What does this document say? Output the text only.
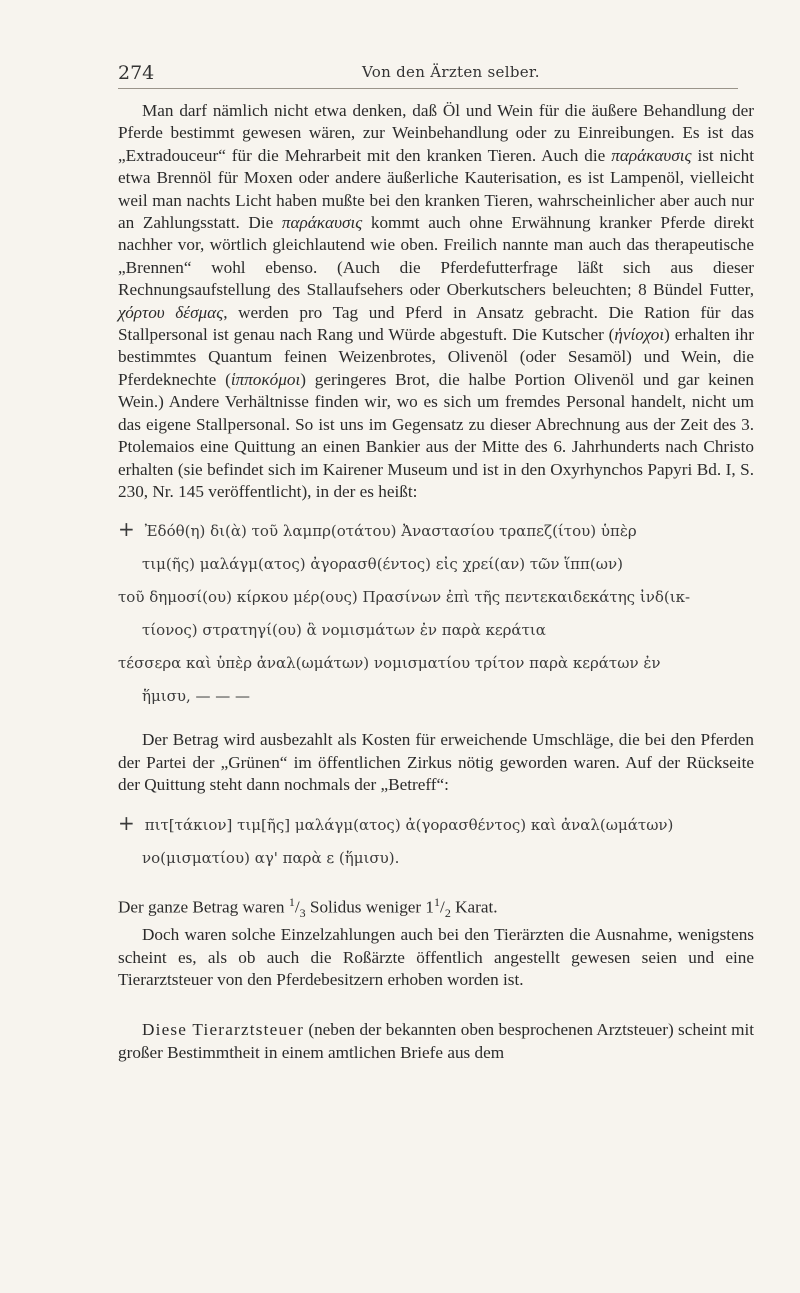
274	Von den Ärzten selber.

Man darf nämlich nicht etwa denken, daß Öl und Wein für die äußere Behandlung der Pferde bestimmt gewesen wären, zur Weinbehandlung oder zu Einreibungen. Es ist das „Extradouceur“ für die Mehrarbeit mit den kranken Tieren. Auch die παράκαυσις ist nicht etwa Brennöl für Moxen oder andere äußerliche Kauterisation, es ist Lampenöl, vielleicht weil man nachts Licht haben mußte bei den kranken Tieren, wahrscheinlicher aber auch nur an Zahlungsstatt. Die παράκαυσις kommt auch ohne Erwähnung kranker Pferde direkt nachher vor, wörtlich gleichlautend wie oben. Freilich nannte man auch das therapeutische „Brennen“ wohl ebenso. (Auch die Pferdefutterfrage läßt sich aus dieser Rechnungsaufstellung des Stallaufsehers oder Oberkutschers beleuchten; 8 Bündel Futter, χόρτου δέσμας, werden pro Tag und Pferd in Ansatz gebracht. Die Ration für das Stallpersonal ist genau nach Rang und Würde abgestuft. Die Kutscher (ἡνίοχοι) erhalten ihr bestimmtes Quantum feinen Weizenbrotes, Olivenöl (oder Sesamöl) und Wein, die Pferdeknechte (ἱπποκόμοι) geringeres Brot, die halbe Portion Olivenöl und gar keinen Wein.) Andere Verhältnisse finden wir, wo es sich um fremdes Personal handelt, nicht um das eigene Stallpersonal. So ist uns im Gegensatz zu dieser Abrechnung aus der Zeit des 3. Ptolemaios eine Quittung an einen Bankier aus der Mitte des 6. Jahrhunderts nach Christo erhalten (sie befindet sich im Kairener Museum und ist in den Oxyrhynchos Papyri Bd. I, S. 230, Nr. 145 veröffentlicht), in der es heißt:

+ Ἐδόθ(η) δι(ὰ) τοῦ λαμπρ(οτάτου) Ἀναστασίου τραπεζ(ίτου) ὑπὲρ
τιμ(ῆς) μαλάγμ(ατος) ἀγορασθ(έντος) εἰς χρεί(αν) τῶν ἵππ(ων)
τοῦ δημοσί(ου) κίρκου μέρ(ους) Πρασίνων ἐπὶ τῆς πεντεκαιδεκάτης ἰνδ(ικ-
τίονος) στρατηγί(ου) ἃ νομισμάτων ἐν παρὰ κεράτια
τέσσερα καὶ ὑπὲρ ἀναλ(ωμάτων) νομισματίου τρίτον παρὰ κεράτων ἐν
ἥμισυ, — — —

Der Betrag wird ausbezahlt als Kosten für erweichende Umschläge, die bei den Pferden der Partei der „Grünen“ im öffentlichen Zirkus nötig geworden waren. Auf der Rückseite der Quittung steht dann nochmals der „Betreff“:

+ πιτ[τάκιον] τιμ[ῆς] μαλάγμ(ατος) ἀ(γορασθέντος) καὶ ἀναλ(ωμάτων)
νο(μισματίου) αγ' παρὰ ε (ἥμισυ).

Der ganze Betrag waren $^1/_3$ Solidus weniger $1^1/_2$ Karat.

Doch waren solche Einzelzahlungen auch bei den Tierärzten die Ausnahme, wenigstens scheint es, als ob auch die Roßärzte öffentlich angestellt gewesen seien und eine Tierarztsteuer von den Pferdebesitzern erhoben worden ist.

Diese Tierarztsteuer (neben der bekannten oben besprochenen Arztsteuer) scheint mit großer Bestimmtheit in einem amtlichen Briefe aus dem
